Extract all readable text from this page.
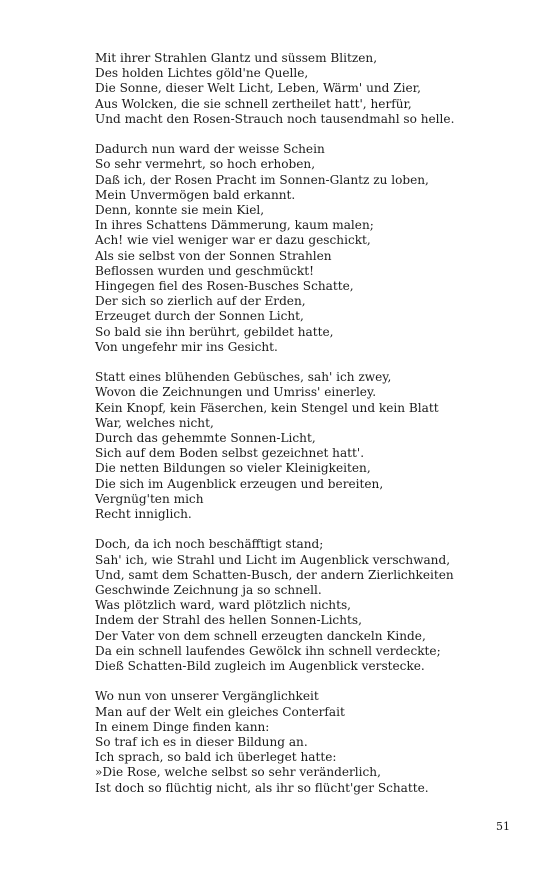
Mit ihrer Strahlen Glantz und süssem Blitzen,
Des holden Lichtes göld'ne Quelle,
Die Sonne, dieser Welt Licht, Leben, Wärm' und Zier,
Aus Wolcken, die sie schnell zertheilet hatt', herfür,
Und macht den Rosen-Strauch noch tausendmahl so helle.
Dadurch nun ward der weisse Schein
So sehr vermehrt, so hoch erhoben,
Daß ich, der Rosen Pracht im Sonnen-Glantz zu loben,
Mein Unvermögen bald erkannt.
Denn, konnte sie mein Kiel,
In ihres Schattens Dämmerung, kaum malen;
Ach! wie viel weniger war er dazu geschickt,
Als sie selbst von der Sonnen Strahlen
Beflossen wurden und geschmückt!
Hingegen fiel des Rosen-Busches Schatte,
Der sich so zierlich auf der Erden,
Erzeuget durch der Sonnen Licht,
So bald sie ihn berührt, gebildet hatte,
Von ungefehr mir ins Gesicht.
Statt eines blühenden Gebüsches, sah' ich zwey,
Wovon die Zeichnungen und Umriss' einerley.
Kein Knopf, kein Fäserchen, kein Stengel und kein Blatt
War, welches nicht,
Durch das gehemmte Sonnen-Licht,
Sich auf dem Boden selbst gezeichnet hatt'.
Die netten Bildungen so vieler Kleinigkeiten,
Die sich im Augenblick erzeugen und bereiten,
Vergnüg'ten mich
Recht inniglich.
Doch, da ich noch beschäfftigt stand;
Sah' ich, wie Strahl und Licht im Augenblick verschwand,
Und, samt dem Schatten-Busch, der andern Zierlichkeiten
Geschwinde Zeichnung ja so schnell.
Was plötzlich ward, ward plötzlich nichts,
Indem der Strahl des hellen Sonnen-Lichts,
Der Vater von dem schnell erzeugten danckeln Kinde,
Da ein schnell laufendes Gewölck ihn schnell verdeckte;
Dieß Schatten-Bild zugleich im Augenblick verstecke.
Wo nun von unserer Vergänglichkeit
Man auf der Welt ein gleiches Conterfait
In einem Dinge finden kann:
So traf ich es in dieser Bildung an.
Ich sprach, so bald ich überleget hatte:
»Die Rose, welche selbst so sehr veränderlich,
Ist doch so flüchtig nicht, als ihr so flücht'ger Schatte.
51
